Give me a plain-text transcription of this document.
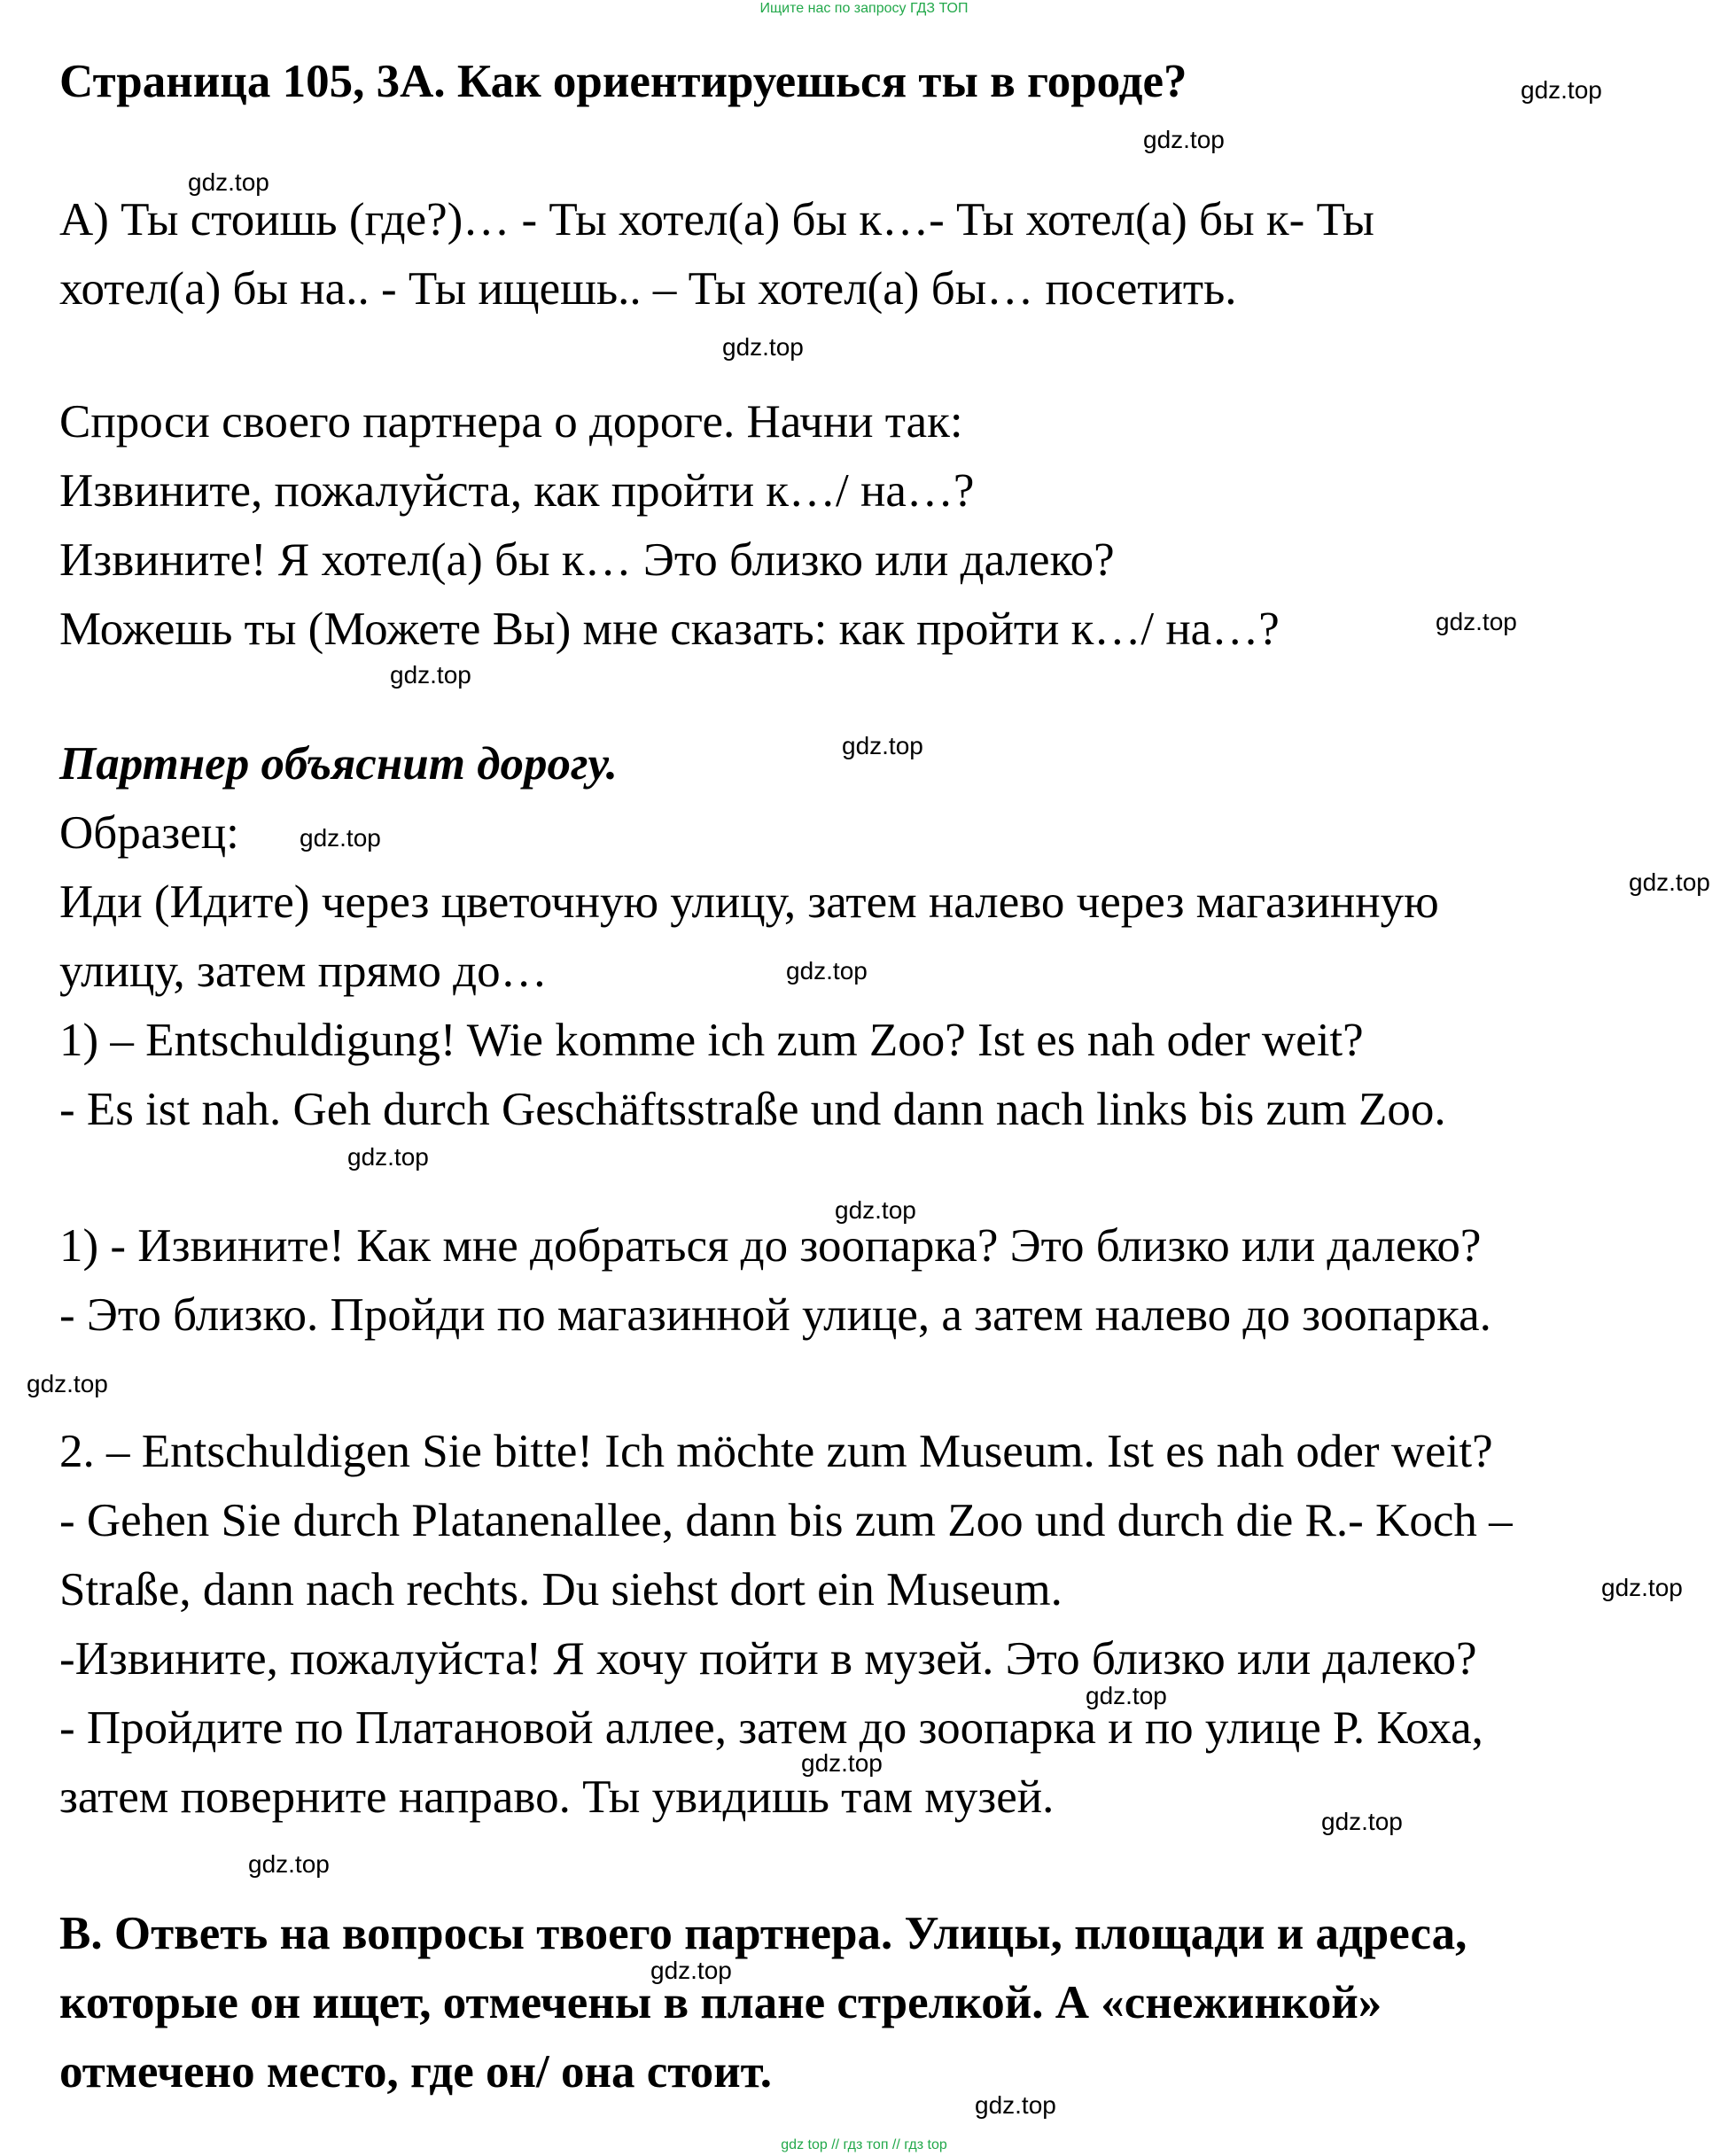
Ищите нас по запросу ГДЗ ТОП
Страница 105, 3А. Как ориентируешься ты в городе?
А) Ты стоишь (где?)… - Ты хотел(а) бы к…- Ты хотел(а) бы к- Ты
хотел(а) бы на.. - Ты ищешь.. – Ты хотел(а) бы… посетить.
Спроси своего партнера о дороге. Начни так:
Извините, пожалуйста, как пройти к…/ на…?
Извините! Я хотел(а) бы к… Это близко или далеко?
Можешь ты (Можете Вы) мне сказать: как пройти к…/ на…?
Партнер объяснит дорогу.
Образец:
Иди (Идите) через цветочную улицу, затем налево через магазинную
улицу, затем прямо до…
1) – Entschuldigung! Wie komme ich zum Zoo? Ist es nah oder weit?
- Es ist nah. Geh durch Geschäftsstraße und dann nach links bis zum Zoo.
1) - Извините! Как мне добраться до зоопарка? Это близко или далеко?
- Это близко. Пройди по магазинной улице, а затем налево до зоопарка.
2. – Entschuldigen Sie bitte! Ich möchte zum Museum. Ist es nah oder weit?
- Gehen Sie durch Platanenallee, dann bis zum Zoo und durch die R.- Koch –
Straße, dann nach rechts. Du siehst dort ein Museum.
-Извините, пожалуйста! Я хочу пойти в музей. Это близко или далеко?
- Пройдите по Платановой аллее, затем до зоопарка и по улице Р. Коха,
затем поверните направо. Ты увидишь там музей.
В. Ответь на вопросы твоего партнера. Улицы, площади и адреса,
которые он ищет, отмечены в плане стрелкой. А «снежинкой»
отмечено место, где он/ она стоит.
gdz.top
gdz.top
gdz.top
gdz.top
gdz.top
gdz.top
gdz.top
gdz.top
gdz.top
gdz.top
gdz.top
gdz.top
gdz.top
gdz.top
gdz.top
gdz.top
gdz.top
gdz.top
gdz.top
gdz.top
gdz top // гдз топ // гдз top
